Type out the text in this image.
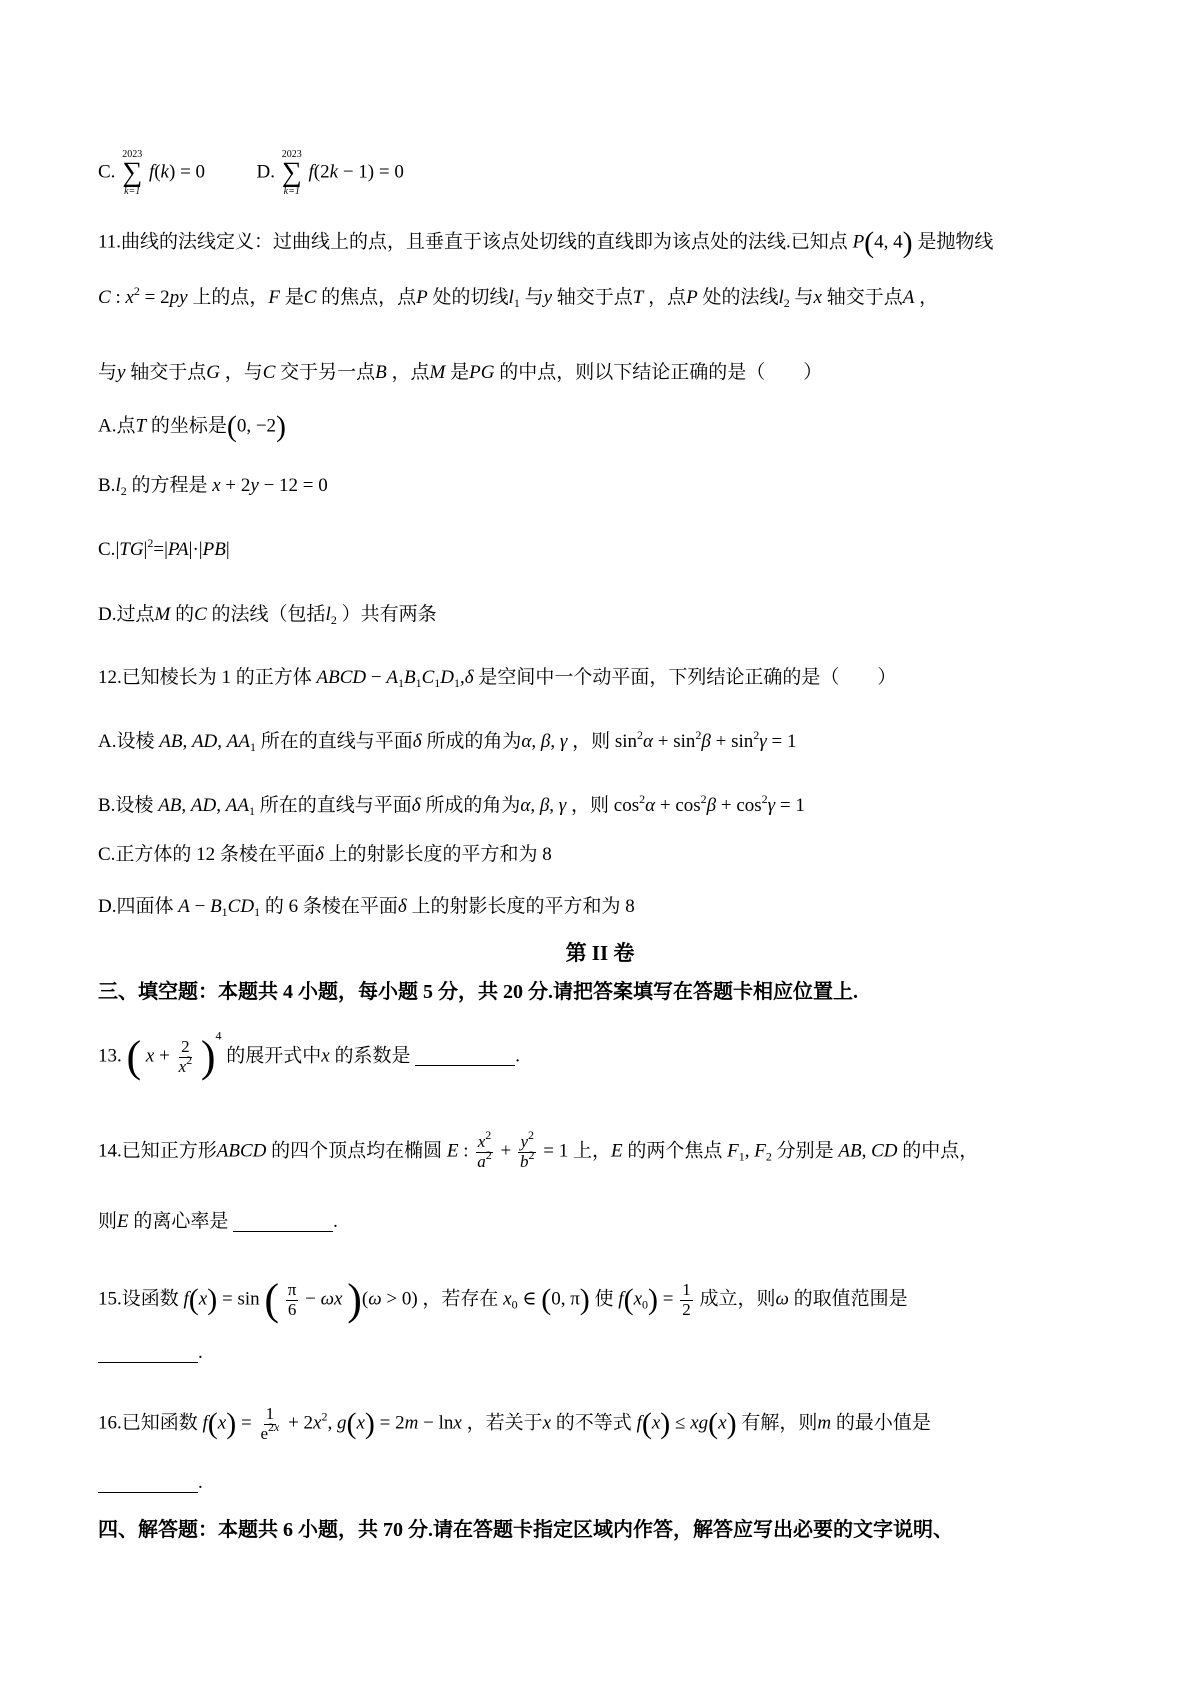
C.
2023
∑
k=1
f(k) = 0	D.
2023
∑
k=1
f(2k − 1) = 0
11.曲线的法线定义：过曲线上的点，且垂直于该点处切线的直线即为该点处的法线.已知点 P(4, 4) 是抛物线
C : $x^2 = 2py$ 上的点，F 是C 的焦点，点P 处的切线$l_1$ 与y 轴交于点T ，点P 处的法线$l_2$ 与x 轴交于点A ，
与y 轴交于点G ，与C 交于另一点B ，点M 是PG 的中点，则以下结论正确的是（　　）
A.点T 的坐标是(0, −2)
$B.l_2$ 的方程是 x + 2y − 12 = 0
$C.|TG|^2=|PA|\cdot|PB|$
D.过点M 的C 的法线（包括$l_2$ ）共有两条
12.已知棱长为 1 的正方体 ABCD − $A_1B_1C_1D_1,\delta$ 是空间中一个动平面，下列结论正确的是（　　）
A.设棱 AB, AD, $AA_1$ 所在的直线与平面δ 所成的角为α, β, γ ，则 $\sin^2\alpha + \sin^2\beta + \sin^2\gamma = 1$
B.设棱 AB, AD, $AA_1$ 所在的直线与平面δ 所成的角为α, β, γ ，则 $\cos^2\alpha + \cos^2\beta + \cos^2\gamma = 1$
C.正方体的 12 条棱在平面δ 上的射影长度的平方和为 8
D.四面体 $A - B_1CD_1$ 的 6 条棱在平面δ 上的射影长度的平方和为 8
第 II 卷
三、填空题：本题共 4 小题，每小题 5 分，共 20 分.请把答案填写在答题卡相应位置上.
13. ( $x + \frac{2}{x^2} )^4$ 的展开式中x 的系数是	.
14.已知正方形ABCD 的四个顶点均在椭圆 E : $\frac{x^2}{a^2} + \frac{y^2}{b^2} = 1$ 上，E 的两个焦点 $F_1$, $F_2$ 分别是 AB, CD 的中点，
则E 的离心率是	.
15.设函数 f(x) = sin ( $\frac{\pi}{6} - \omega x$ )(ω > 0) ，若存在 $x_0$ ∈ (0, π) 使 $f(x_0) = \frac{1}{2}$ 成立，则ω 的取值范围是
.
16.已知函数 $f(x) = \frac{1}{e^{2x}} + 2x^2$, g(x) = 2m − lnx ，若关于x 的不等式 f(x) ≤ xg(x) 有解，则m 的最小值是
.
四、解答题：本题共 6 小题，共 70 分.请在答题卡指定区域内作答，解答应写出必要的文字说明、
